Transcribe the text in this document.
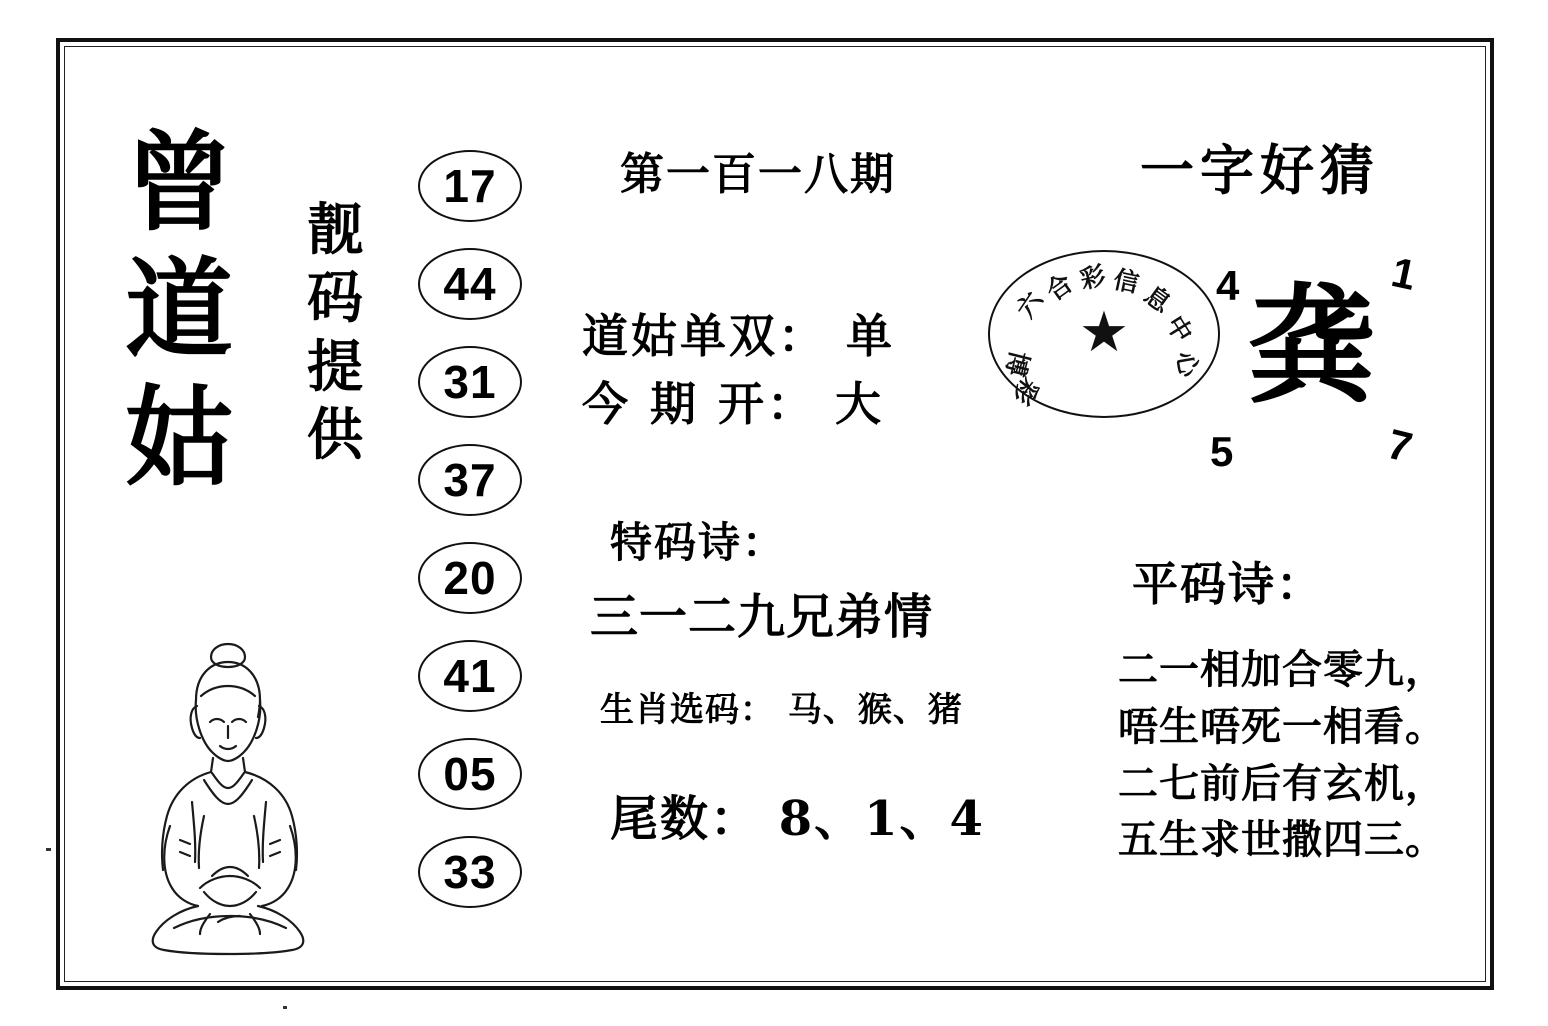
曾
道
姑
靓
码
提
供
17
44
31
37
20
41
05
33
第一百一八期
道姑单双： 单
今 期 开： 大
特码诗：
三一二九兄弟情
生肖选码： 马、猴、猪
尾数： 8、1、4
★
六
合 彩 信
息
中
心
博
彩
一字好猜
龚
4	1
5	7
平码诗：
二一相加合零九，
唔生唔死一相看。
二七前后有玄机，
五生求世撒四三。
